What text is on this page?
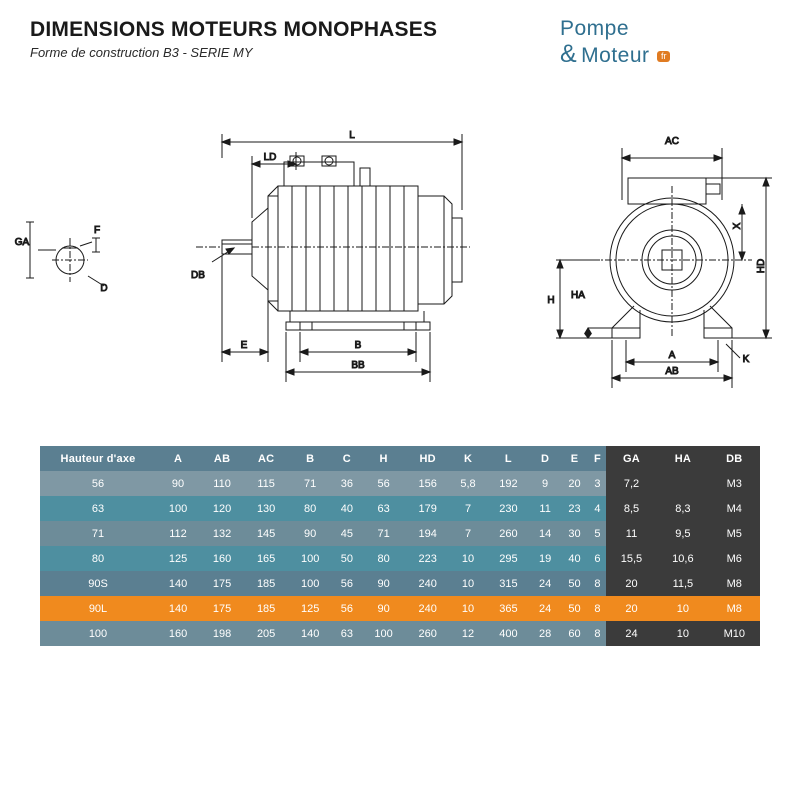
DIMENSIONS MOTEURS MONOPHASES
Forme de construction B3 - SERIE MY
Pompe
& Moteur fr
GA
F
D
L
LD
DB
E	B
BB
AC
HD
X
H HA
A
AB
K
Hauteur d'axe	A	AB	AC	B	C	H	HD	K	L	D	E	F	GA	HA	DB
56	90	110	115	71	36	56	156	5,8	192	9	20	3	7,2		M3
63	100	120	130	80	40	63	179	7	230	11	23	4	8,5	8,3	M4
71	112	132	145	90	45	71	194	7	260	14	30	5	11	9,5	M5
80	125	160	165	100	50	80	223	10	295	19	40	6	15,5	10,6	M6
90S	140	175	185	100	56	90	240	10	315	24	50	8	20	11,5	M8
90L	140	175	185	125	56	90	240	10	365	24	50	8	20	10	M8
100	160	198	205	140	63	100	260	12	400	28	60	8	24	10	M10
